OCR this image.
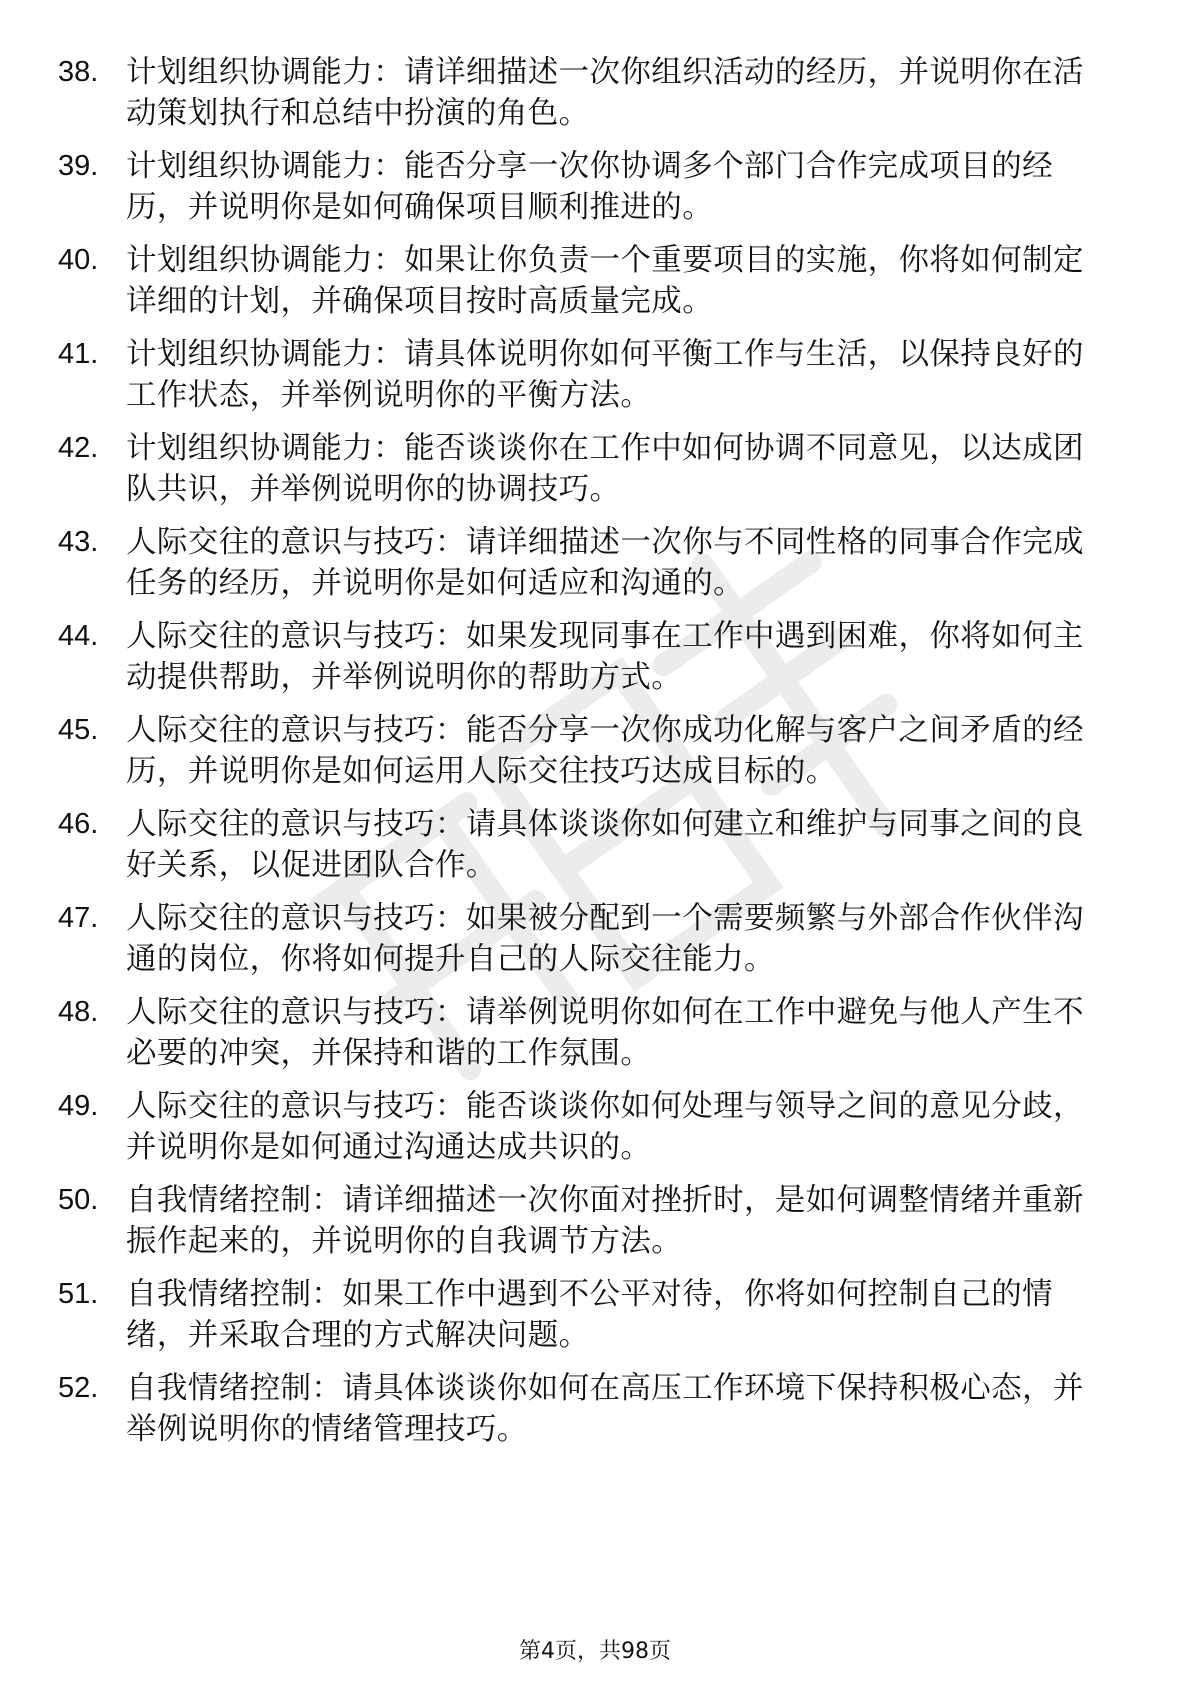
38. 计划组织协调能力：请详细描述一次你组织活动的经历，并说明你在活动策划执行和总结中扮演的角色。
39. 计划组织协调能力：能否分享一次你协调多个部门合作完成项目的经历，并说明你是如何确保项目顺利推进的。
40. 计划组织协调能力：如果让你负责一个重要项目的实施，你将如何制定详细的计划，并确保项目按时高质量完成。
41. 计划组织协调能力：请具体说明你如何平衡工作与生活，以保持良好的工作状态，并举例说明你的平衡方法。
42. 计划组织协调能力：能否谈谈你在工作中如何协调不同意见，以达成团队共识，并举例说明你的协调技巧。
43. 人际交往的意识与技巧：请详细描述一次你与不同性格的同事合作完成任务的经历，并说明你是如何适应和沟通的。
44. 人际交往的意识与技巧：如果发现同事在工作中遇到困难，你将如何主动提供帮助，并举例说明你的帮助方式。
45. 人际交往的意识与技巧：能否分享一次你成功化解与客户之间矛盾的经历，并说明你是如何运用人际交往技巧达成目标的。
46. 人际交往的意识与技巧：请具体谈谈你如何建立和维护与同事之间的良好关系，以促进团队合作。
47. 人际交往的意识与技巧：如果被分配到一个需要频繁与外部合作伙伴沟通的岗位，你将如何提升自己的人际交往能力。
48. 人际交往的意识与技巧：请举例说明你如何在工作中避免与他人产生不必要的冲突，并保持和谐的工作氛围。
49. 人际交往的意识与技巧：能否谈谈你如何处理与领导之间的意见分歧，并说明你是如何通过沟通达成共识的。
50. 自我情绪控制：请详细描述一次你面对挫折时，是如何调整情绪并重新振作起来的，并说明你的自我调节方法。
51. 自我情绪控制：如果工作中遇到不公平对待，你将如何控制自己的情绪，并采取合理的方式解决问题。
52. 自我情绪控制：请具体谈谈你如何在高压工作环境下保持积极心态，并举例说明你的情绪管理技巧。
第4页，共98页
